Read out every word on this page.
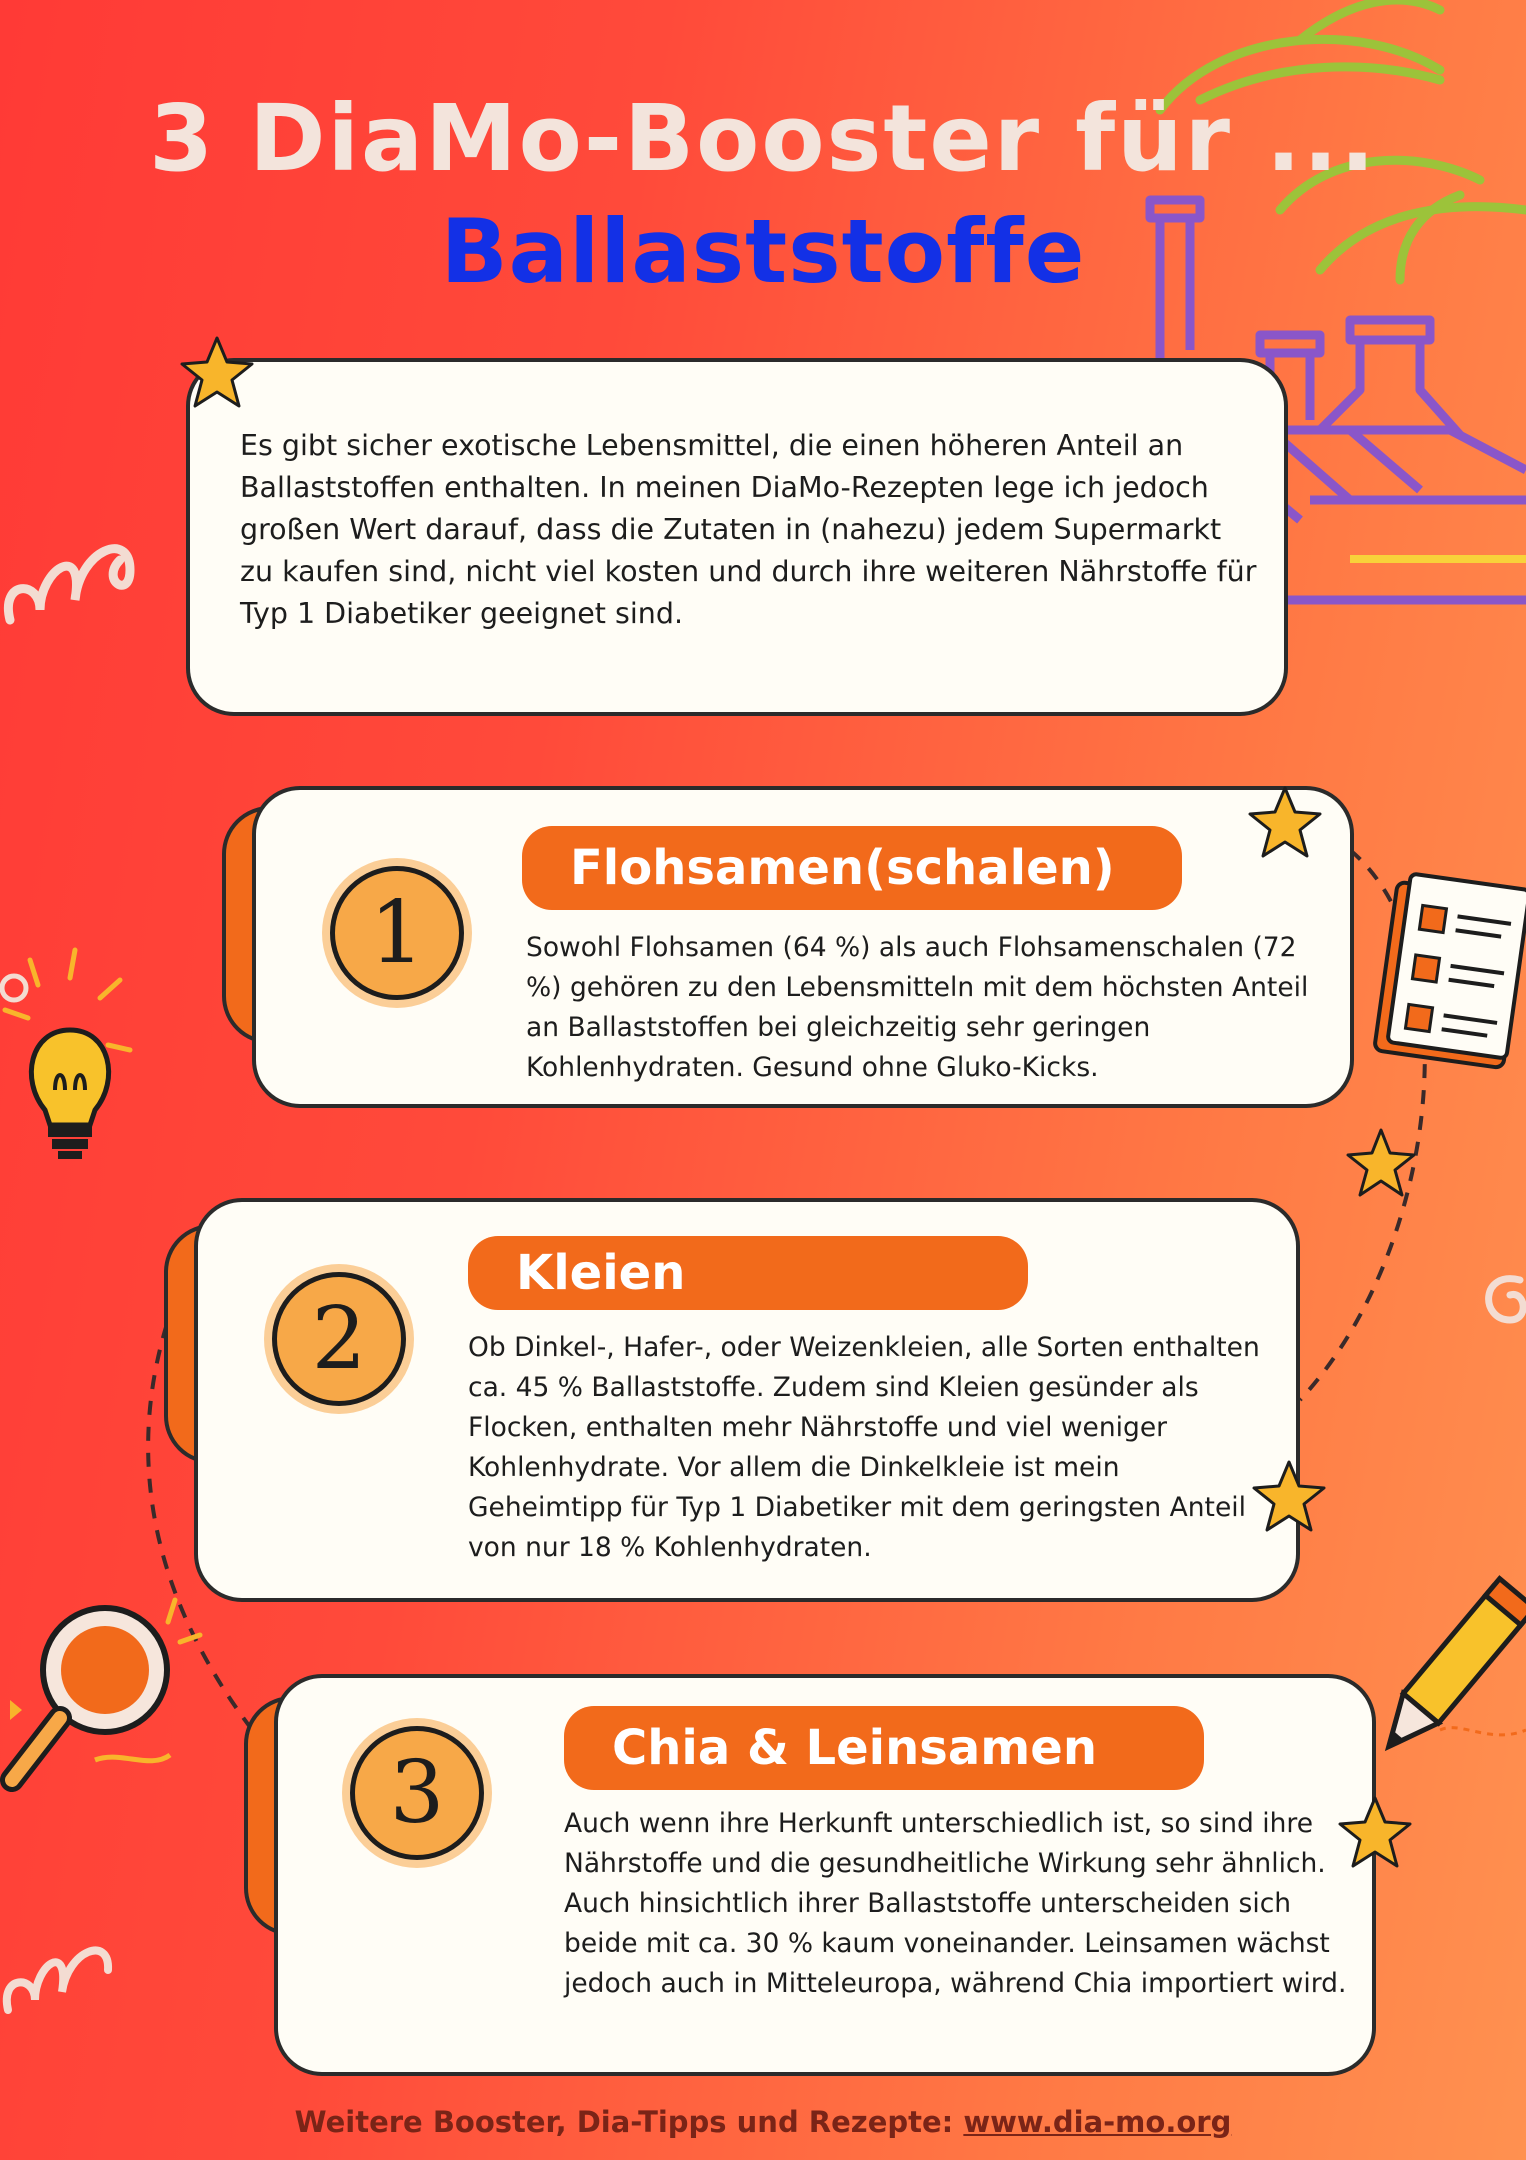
3 DiaMo-Booster für ...
Ballaststoffe
Es gibt sicher exotische Lebensmittel, die einen höheren Anteil an Ballaststoffen enthalten. In meinen DiaMo-Rezepten lege ich jedoch großen Wert darauf, dass die Zutaten in (nahezu) jedem Supermarkt zu kaufen sind, nicht viel kosten und durch ihre weiteren Nährstoffe für Typ 1 Diabetiker geeignet sind.
1
Flohsamen(schalen)
Sowohl Flohsamen (64 %) als auch Flohsamenschalen (72 %) gehören zu den Lebensmitteln mit dem höchsten Anteil an Ballaststoffen bei gleichzeitig sehr geringen Kohlenhydraten. Gesund ohne Gluko-Kicks.
2
Kleien
Ob Dinkel-, Hafer-, oder Weizenkleien, alle Sorten enthalten ca. 45 % Ballaststoffe. Zudem sind Kleien gesünder als Flocken, enthalten mehr Nährstoffe und viel weniger Kohlenhydrate. Vor allem die Dinkelkleie ist mein Geheimtipp für Typ 1 Diabetiker mit dem geringsten Anteil von nur 18 % Kohlenhydraten.
3	Chia & Leinsamen
Auch wenn ihre Herkunft unterschiedlich ist, so sind ihre Nährstoffe und die gesundheitliche Wirkung sehr ähnlich. Auch hinsichtlich ihrer Ballaststoffe unterscheiden sich beide mit ca. 30 % kaum voneinander. Leinsamen wächst jedoch auch in Mitteleuropa, während Chia importiert wird.
Weitere Booster, Dia-Tipps und Rezepte: www.dia-mo.org
